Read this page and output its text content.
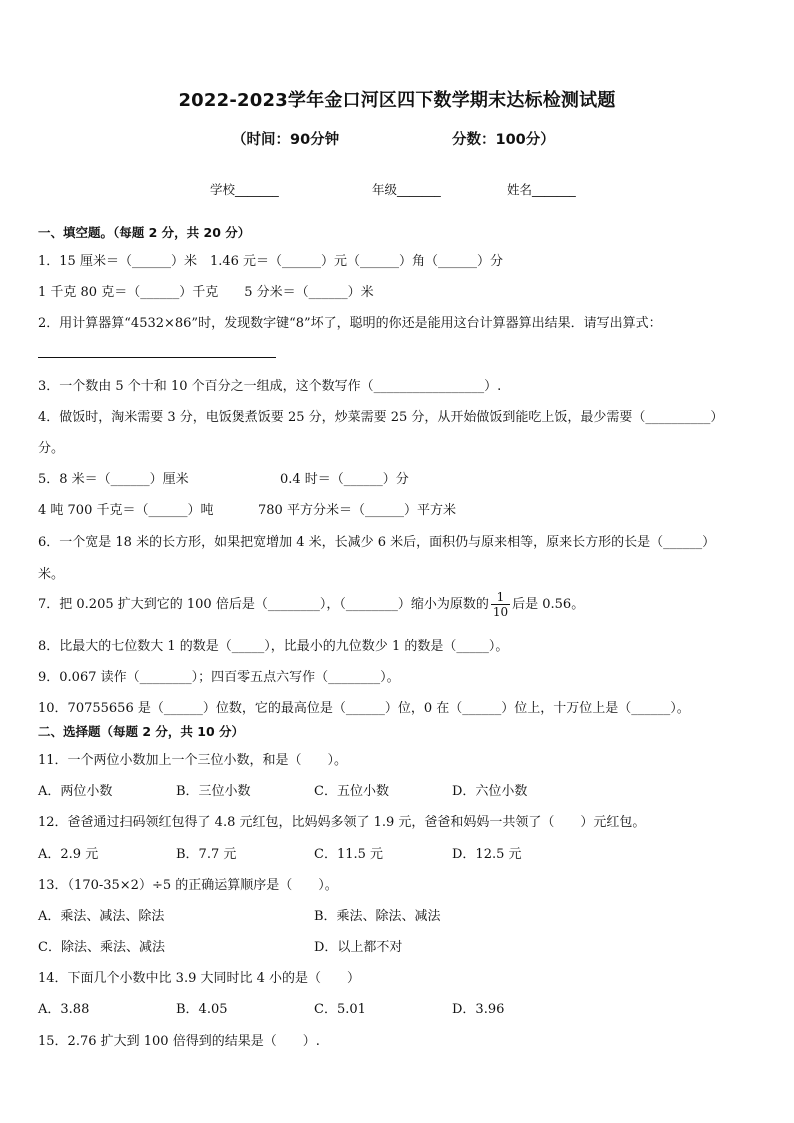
2022-2023学年金口河区四下数学期末达标检测试题
（时间：90分钟	分数：100分）
学校_______	年级_______	姓名_______
一、填空题。（每题 2 分，共 20 分）
1．15 厘米＝（______）米　1.46 元＝（______）元（______）角（______）分
1 千克 80 克＝（______）千克　　5 分米＝（______）米
2．用计算器算“4532×86”时，发现数字键“8”坏了，聪明的你还是能用这台计算器算出结果．请写出算式：
3．一个数由 5 个十和 10 个百分之一组成，这个数写作（_________________）.
4．做饭时，淘米需要 3 分，电饭煲煮饭要 25 分，炒菜需要 25 分，从开始做饭到能吃上饭，最少需要（__________）
分。
5．8 米＝（______）厘米	0.4 时＝（______）分
4 吨 700 千克＝（______）吨	780 平方分米＝（______）平方米
6．一个宽是 18 米的长方形，如果把宽增加 4 米，长减少 6 米后，面积仍与原来相等，原来长方形的长是（______）
米。
7．把 0.205 扩大到它的 100 倍后是（________），（________）缩小为原数的 $\frac{1}{10}$ 后是 0.56。
8．比最大的七位数大 1 的数是（_____），比最小的九位数少 1 的数是（_____）。
9．0.067 读作（________）；四百零五点六写作（________）。
10．70755656 是（______）位数，它的最高位是（______）位，0 在（______）位上，十万位上是（______）。
二、选择题（每题 2 分，共 10 分）
11．一个两位小数加上一个三位小数，和是（　　）。
A．两位小数	B．三位小数	C．五位小数	D．六位小数
12．爸爸通过扫码领红包得了 4.8 元红包，比妈妈多领了 1.9 元，爸爸和妈妈一共领了（　　）元红包。
A．2.9 元	B．7.7 元	C．11.5 元	D．12.5 元
13．（170-35×2）÷5 的正确运算顺序是（　　）。
A．乘法、减法、除法	B．乘法、除法、减法
C．除法、乘法、减法	D．以上都不对
14．下面几个小数中比 3.9 大同时比 4 小的是（　　）
A．3.88	B．4.05	C．5.01	D．3.96
15．2.76 扩大到 100 倍得到的结果是（　　）.
